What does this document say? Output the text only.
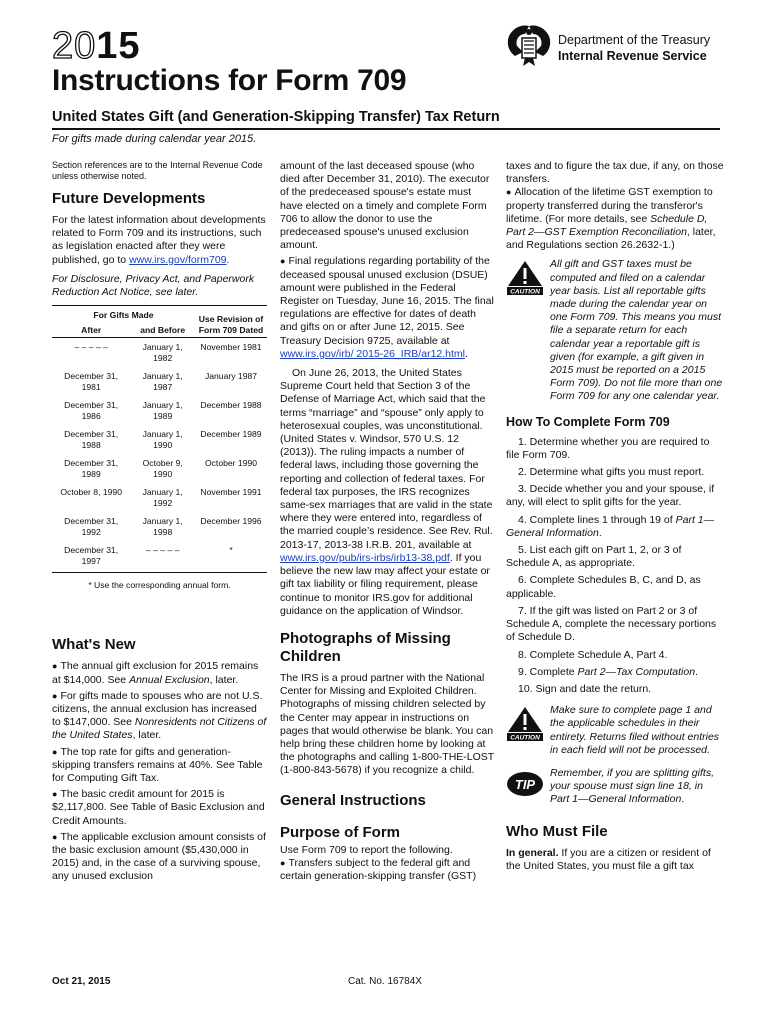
2015	Department of the Treasury
Internal Revenue Service
Instructions for Form 709
United States Gift (and Generation-Skipping Transfer) Tax Return
For gifts made during calendar year 2015.

Section references are to the Internal Revenue Code unless otherwise noted.

Future Developments

For the latest information about developments related to Form 709 and its instructions, such as legislation enacted after they were published, go to www.irs.gov/form709.

For Disclosure, Privacy Act, and Paperwork Reduction Act Notice, see later.

For Gifts Made		Use Revision of Form 709 Dated
After	and Before	
– – – – –	January 1, 1982	November 1981
December 31, 1981	January 1, 1987	January 1987
December 31, 1986	January 1, 1989	December 1988
December 31, 1988	January 1, 1990	December 1989
December 31, 1989	October 9, 1990	October 1990
October 8, 1990	January 1, 1992	November 1991
December 31, 1992	January 1, 1998	December 1996
December 31, 1997	– – – – –	*
* Use the corresponding annual form.
What's New

● The annual gift exclusion for 2015 remains at $14,000. See Annual Exclusion, later.

● For gifts made to spouses who are not U.S. citizens, the annual exclusion has increased to $147,000. See Nonresidents not Citizens of the United States, later.

● The top rate for gifts and generation-skipping transfers remains at 40%. See Table for Computing Gift Tax.

● The basic credit amount for 2015 is $2,117,800. See Table of Basic Exclusion and Credit Amounts.

● The applicable exclusion amount consists of the basic exclusion amount ($5,430,000 in 2015) and, in the case of a surviving spouse, any unused exclusion

amount of the last deceased spouse (who died after December 31, 2010). The executor of the predeceased spouse's estate must have elected on a timely and complete Form 706 to allow the donor to use the predeceased spouse's unused exclusion amount.

● Final regulations regarding portability of the deceased spousal unused exclusion (DSUE) amount were published in the Federal Register on Tuesday, June 16, 2015. The final regulations are effective for dates of death and gifts on or after June 12, 2015. See Treasury Decision 9725, available at www.irs.gov/irb/ 2015-26_IRB/ar12.html.

On June 26, 2013, the United States Supreme Court held that Section 3 of the Defense of Marriage Act, which said that the terms “marriage” and “spouse” only apply to heterosexual couples, was unconstitutional. (United States v. Windsor, 570 U.S. 12 (2013)). The ruling impacts a number of federal laws, including those governing the reporting and collection of federal taxes. For federal tax purposes, the IRS recognizes same-sex marriages that are valid in the state where they were entered into, regardless of the married couple’s residence. See Rev. Rul. 2013-17, 2013-38 I.R.B. 201, available at www.irs.gov/pub/irs-irbs/irb13-38.pdf. If you believe the new law may affect your estate or gift tax liability or filing requirement, please continue to monitor IRS.gov for additional guidance on the application of Windsor.

Photographs of Missing Children

The IRS is a proud partner with the National Center for Missing and Exploited Children. Photographs of missing children selected by the Center may appear in instructions on pages that would otherwise be blank. You can help bring these children home by looking at the photographs and calling 1-800-THE-LOST (1-800-843-5678) if you recognize a child.

General Instructions
Purpose of Form

Use Form 709 to report the following.

● Transfers subject to the federal gift and certain generation-skipping transfer (GST)

taxes and to figure the tax due, if any, on those transfers.

● Allocation of the lifetime GST exemption to property transferred during the transferor's lifetime. (For more details, see Schedule D, Part 2—GST Exemption Reconciliation, later, and Regulations section 26.2632-1.)

CAUTION
All gift and GST taxes must be computed and filed on a calendar year basis. List all reportable gifts made during the calendar year on one Form 709. This means you must file a separate return for each calendar year a reportable gift is given (for example, a gift given in 2015 must be reported on a 2015 Form 709). Do not file more than one Form 709 for any one calendar year.
How To Complete Form 709

1. Determine whether you are required to file Form 709.

2. Determine what gifts you must report.

3. Decide whether you and your spouse, if any, will elect to split gifts for the year.

4. Complete lines 1 through 19 of Part 1—General Information.

5. List each gift on Part 1, 2, or 3 of Schedule A, as appropriate.

6. Complete Schedules B, C, and D, as applicable.

7. If the gift was listed on Part 2 or 3 of Schedule A, complete the necessary portions of Schedule D.

8. Complete Schedule A, Part 4.

9. Complete Part 2—Tax Computation.

10. Sign and date the return.

CAUTION
Make sure to complete page 1 and the applicable schedules in their entirety. Returns filed without entries in each field will not be processed.
TIP
Remember, if you are splitting gifts, your spouse must sign line 18, in Part 1—General Information.
Who Must File

In general. If you are a citizen or resident of the United States, you must file a gift tax

Oct 21, 2015	Cat. No. 16784X
